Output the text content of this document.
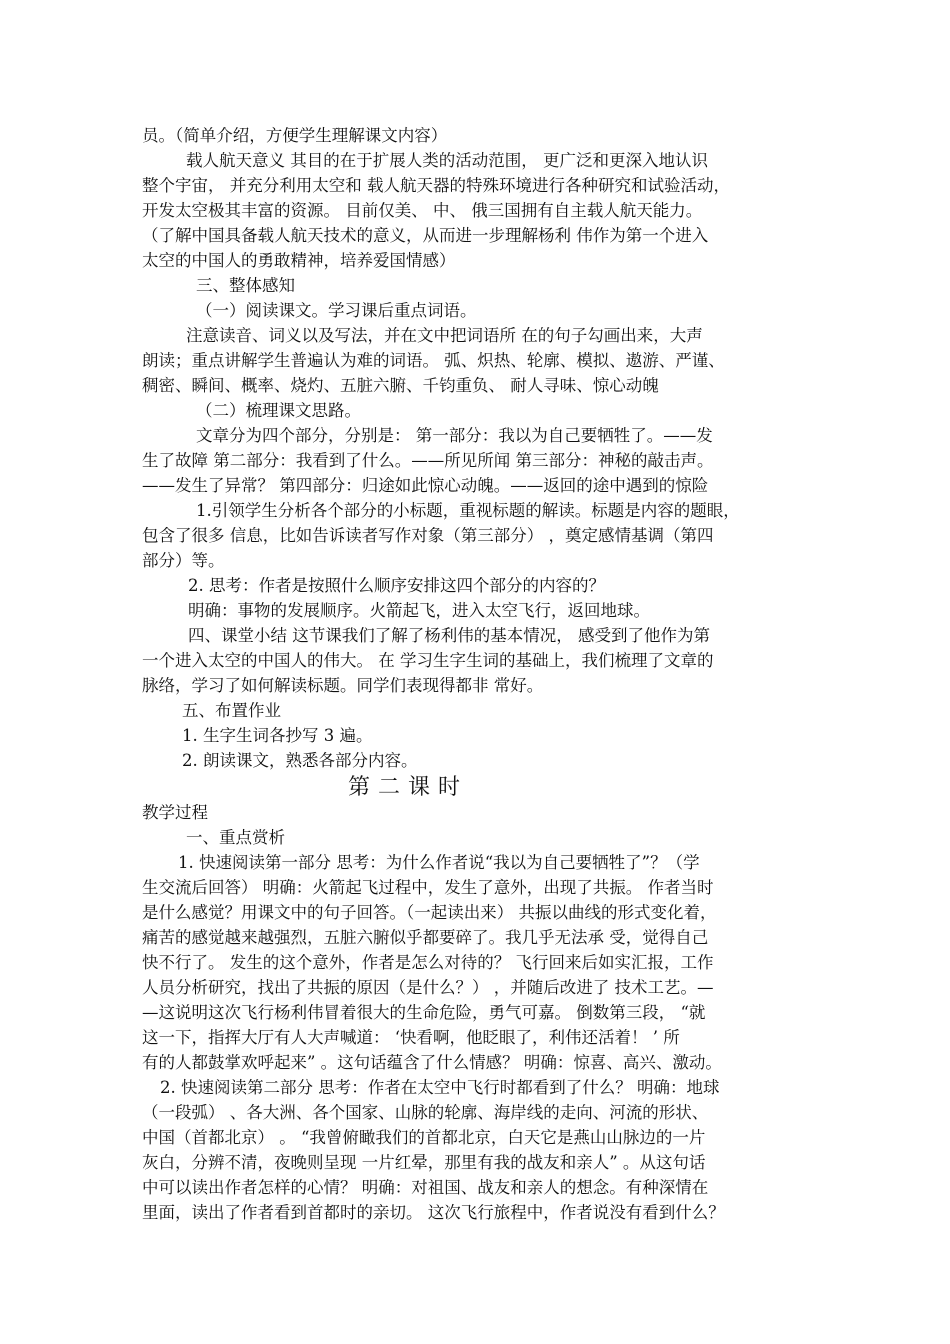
员。（简单介绍，方便学生理解课文内容）
载人航天意义 其目的在于扩展人类的活动范围， 更广泛和更深入地认识
整个宇宙， 并充分利用太空和 载人航天器的特殊环境进行各种研究和试验活动，
开发太空极其丰富的资源。 目前仅美、 中、 俄三国拥有自主载人航天能力。
（了解中国具备载人航天技术的意义，从而进一步理解杨利 伟作为第一个进入
太空的中国人的勇敢精神，培养爱国情感）
三、整体感知
（一）阅读课文。学习课后重点词语。
注意读音、词义以及写法，并在文中把词语所 在的句子勾画出来，大声
朗读；重点讲解学生普遍认为难的词语。 弧、炽热、轮廓、模拟、遨游、严谨、
稠密、瞬间、概率、烧灼、五脏六腑、千钧重负、 耐人寻味、惊心动魄
（二）梳理课文思路。
文章分为四个部分，分别是： 第一部分：我以为自己要牺牲了。——发
生了故障 第二部分：我看到了什么。——所见所闻 第三部分：神秘的敲击声。
——发生了异常？ 第四部分：归途如此惊心动魄。——返回的途中遇到的惊险
1.引领学生分析各个部分的小标题，重视标题的解读。标题是内容的题眼，
包含了很多 信息，比如告诉读者写作对象（第三部分） ，奠定感情基调（第四
部分）等。
2. 思考：作者是按照什么顺序安排这四个部分的内容的？
明确：事物的发展顺序。火箭起飞，进入太空飞行，返回地球。
四、课堂小结 这节课我们了解了杨利伟的基本情况， 感受到了他作为第
一个进入太空的中国人的伟大。 在 学习生字生词的基础上，我们梳理了文章的
脉络，学习了如何解读标题。同学们表现得都非 常好。
五、布置作业
1. 生字生词各抄写 3 遍。
2. 朗读课文，熟悉各部分内容。
第二课时
教学过程
一、重点赏析
1. 快速阅读第一部分 思考：为什么作者说“我以为自己要牺牲了”？（学
生交流后回答） 明确：火箭起飞过程中，发生了意外，出现了共振。 作者当时
是什么感觉？用课文中的句子回答。（一起读出来） 共振以曲线的形式变化着，
痛苦的感觉越来越强烈，五脏六腑似乎都要碎了。我几乎无法承 受，觉得自己
快不行了。 发生的这个意外，作者是怎么对待的？ 飞行回来后如实汇报，工作
人员分析研究，找出了共振的原因（是什么？） ，并随后改进了 技术工艺。—
—这说明这次飞行杨利伟冒着很大的生命危险，勇气可嘉。 倒数第三段， “就
这一下，指挥大厅有人大声喊道： ‘快看啊，他眨眼了，利伟还活着！ ’ 所
有的人都鼓掌欢呼起来” 。这句话蕴含了什么情感？ 明确：惊喜、高兴、激动。
2. 快速阅读第二部分 思考：作者在太空中飞行时都看到了什么？ 明确：地球
（一段弧） 、各大洲、各个国家、山脉的轮廓、海岸线的走向、河流的形状、
中国（首都北京） 。 “我曾俯瞰我们的首都北京，白天它是燕山山脉边的一片
灰白，分辨不清，夜晚则呈现 一片红晕，那里有我的战友和亲人” 。从这句话
中可以读出作者怎样的心情？ 明确：对祖国、战友和亲人的想念。有种深情在
里面，读出了作者看到首都时的亲切。 这次飞行旅程中，作者说没有看到什么？
